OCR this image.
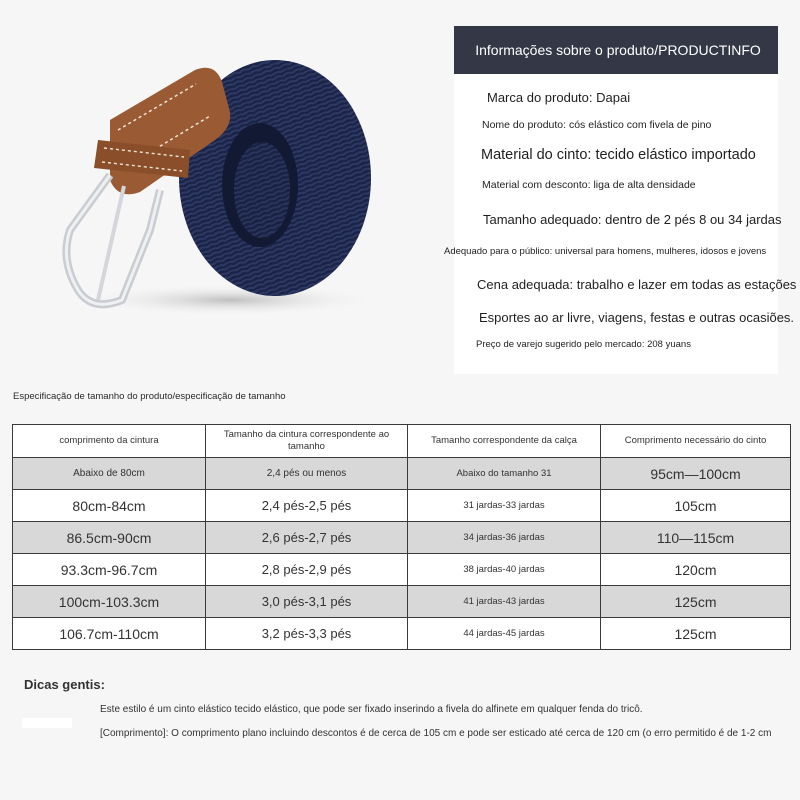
Informações sobre o produto/PRODUCTINFO
Marca do produto: Dapai
Nome do produto: cós elástico com fivela de pino
Material do cinto: tecido elástico importado
Material com desconto: liga de alta densidade
Tamanho adequado: dentro de 2 pés 8 ou 34 jardas
Adequado para o público: universal para homens, mulheres, idosos e jovens
Cena adequada: trabalho e lazer em todas as estações
Esportes ao ar livre, viagens, festas e outras ocasiões.
Preço de varejo sugerido pelo mercado: 208 yuans
Especificação de tamanho do produto/especificação de tamanho
comprimento da cintura	Tamanho da cintura correspondente ao tamanho	Tamanho correspondente da calça	Comprimento necessário do cinto
Abaixo de 80cm	2,4 pés ou menos	Abaixo do tamanho 31	95cm—100cm
80cm-84cm	2,4 pés-2,5 pés	31 jardas-33 jardas	105cm
86.5cm-90cm	2,6 pés-2,7 pés	34 jardas-36 jardas	110—115cm
93.3cm-96.7cm	2,8 pés-2,9 pés	38 jardas-40 jardas	120cm
100cm-103.3cm	3,0 pés-3,1 pés	41 jardas-43 jardas	125cm
106.7cm-110cm	3,2 pés-3,3 pés	44 jardas-45 jardas	125cm
Dicas gentis:
Este estilo é um cinto elástico tecido elástico, que pode ser fixado inserindo a fivela do alfinete em qualquer fenda do tricô.
[Comprimento]: O comprimento plano incluindo descontos é de cerca de 105 cm e pode ser esticado até cerca de 120 cm (o erro permitido é de 1-2 cm
